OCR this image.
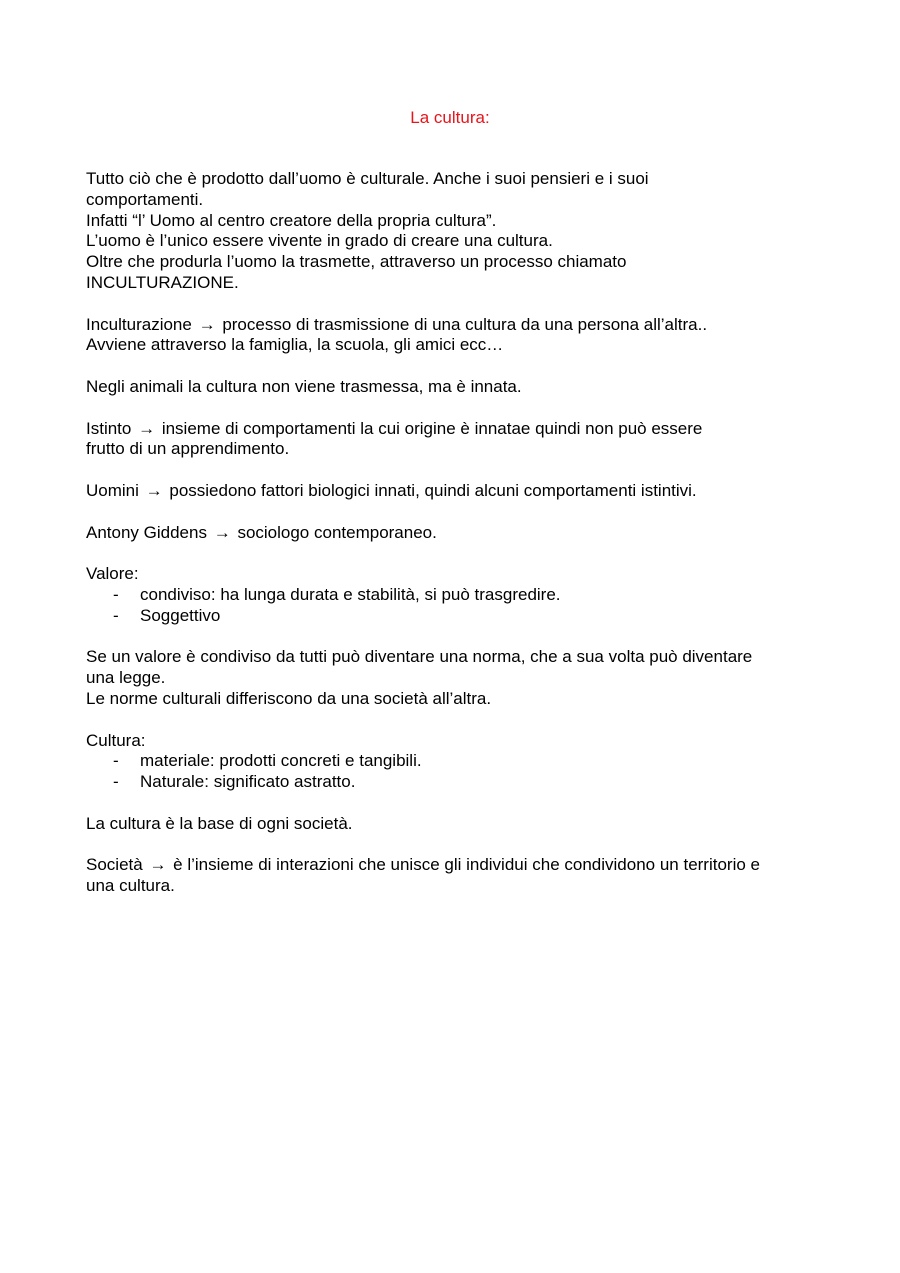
La cultura:

Tutto ciò che è prodotto dall’uomo è culturale. Anche i suoi pensieri e i suoi
comportamenti.
Infatti “l’ Uomo al centro creatore della propria cultura”.
L’uomo è l’unico essere vivente in grado di creare una cultura.
Oltre che produrla l’uomo la trasmette, attraverso un processo chiamato
INCULTURAZIONE.

Inculturazione → processo di trasmissione di una cultura da una persona all’altra..
Avviene attraverso la famiglia, la scuola, gli amici ecc…

Negli animali la cultura non viene trasmessa, ma è innata.

Istinto → insieme di comportamenti la cui origine è innatae quindi non può essere
frutto di un apprendimento.

Uomini → possiedono fattori biologici innati, quindi alcuni comportamenti istintivi.

Antony Giddens → sociologo contemporaneo.

Valore:
- condiviso: ha lunga durata e stabilità, si può trasgredire.
- Soggettivo

Se un valore è condiviso da tutti può diventare una norma, che a sua volta può diventare
una legge.
Le norme culturali differiscono da una società all’altra.

Cultura:
- materiale: prodotti concreti e tangibili.
- Naturale: significato astratto.

La cultura è la base di ogni società.

Società → è l’insieme di interazioni che unisce gli individui che condividono un territorio e
una cultura.
